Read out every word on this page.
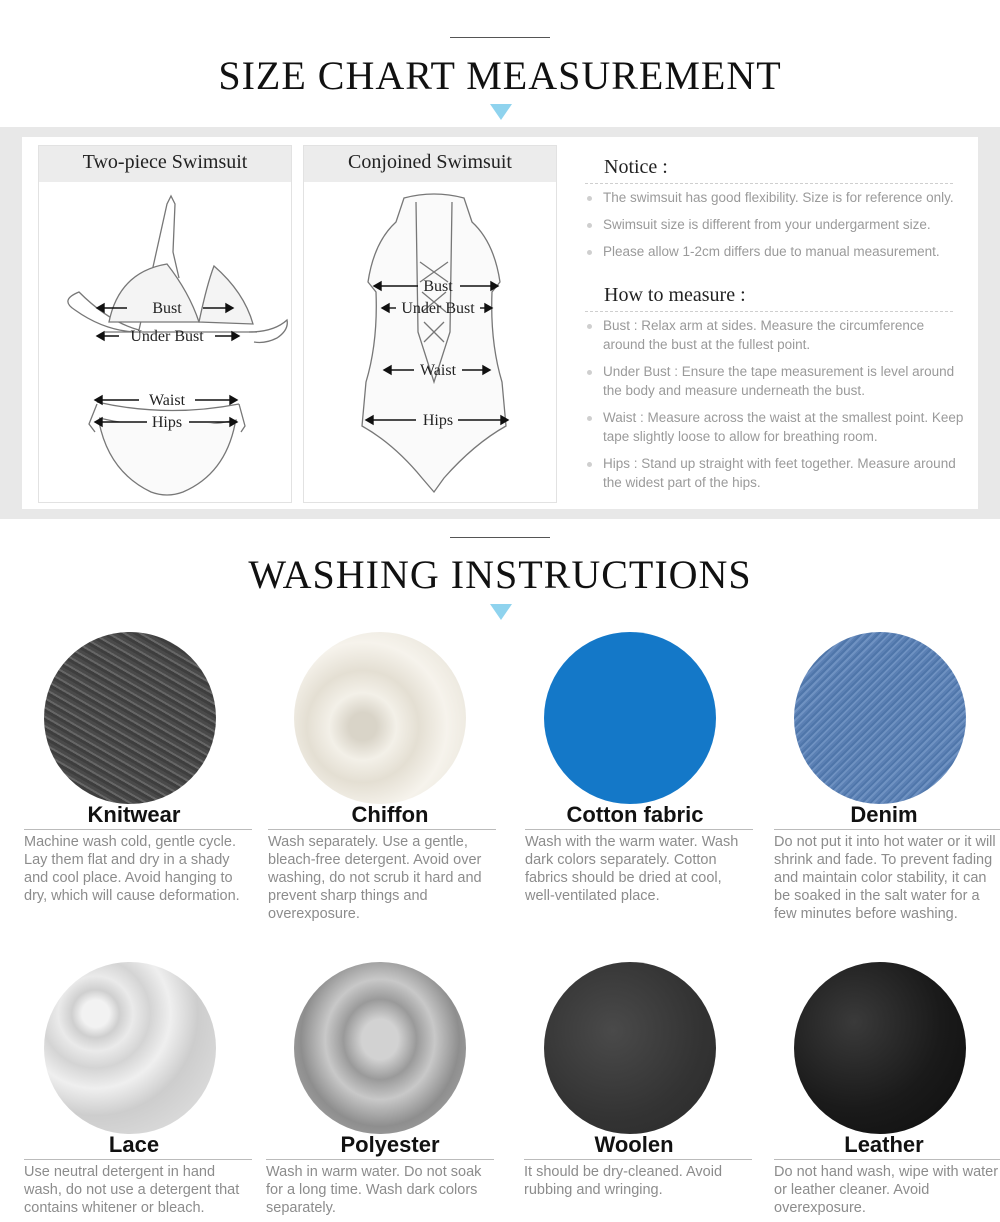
SIZE CHART MEASUREMENT
Two-piece Swimsuit
Bust
Under Bust
Waist
Hips
Conjoined Swimsuit
Bust
Under Bust
Waist
Hips
Notice :
The swimsuit has good flexibility. Size is for reference only.
Swimsuit size is different from your undergarment size.
Please allow 1-2cm differs due to manual measurement.
How to measure :
Bust : Relax arm at sides. Measure the circumference around the bust at the fullest point.
Under Bust : Ensure the tape measurement is level around the body and measure underneath the bust.
Waist : Measure across the waist at the smallest point. Keep tape slightly loose to allow for breathing room.
Hips : Stand up straight with feet together. Measure around the widest part of the hips.
WASHING INSTRUCTIONS
Knitwear
Machine wash cold, gentle cycle. Lay them flat and dry in a shady and cool place. Avoid hanging to dry, which will cause deformation.
Chiffon
Wash separately. Use a gentle, bleach-free detergent. Avoid over washing, do not scrub it hard and prevent sharp things and overexposure.
Cotton fabric
Wash with the warm water. Wash dark colors separately. Cotton fabrics should be dried at cool, well-ventilated place.
Denim
Do not put it into hot water or it will shrink and fade. To prevent fading and maintain color stability, it can be soaked in the salt water for a few minutes before washing.
Lace
Use neutral detergent in hand wash, do not use a detergent that contains whitener or bleach.
Polyester
Wash in warm water. Do not soak for a long time. Wash dark colors separately.
Woolen
It should be dry-cleaned. Avoid rubbing and wringing.
Leather
Do not hand wash, wipe with water or leather cleaner. Avoid overexposure.
